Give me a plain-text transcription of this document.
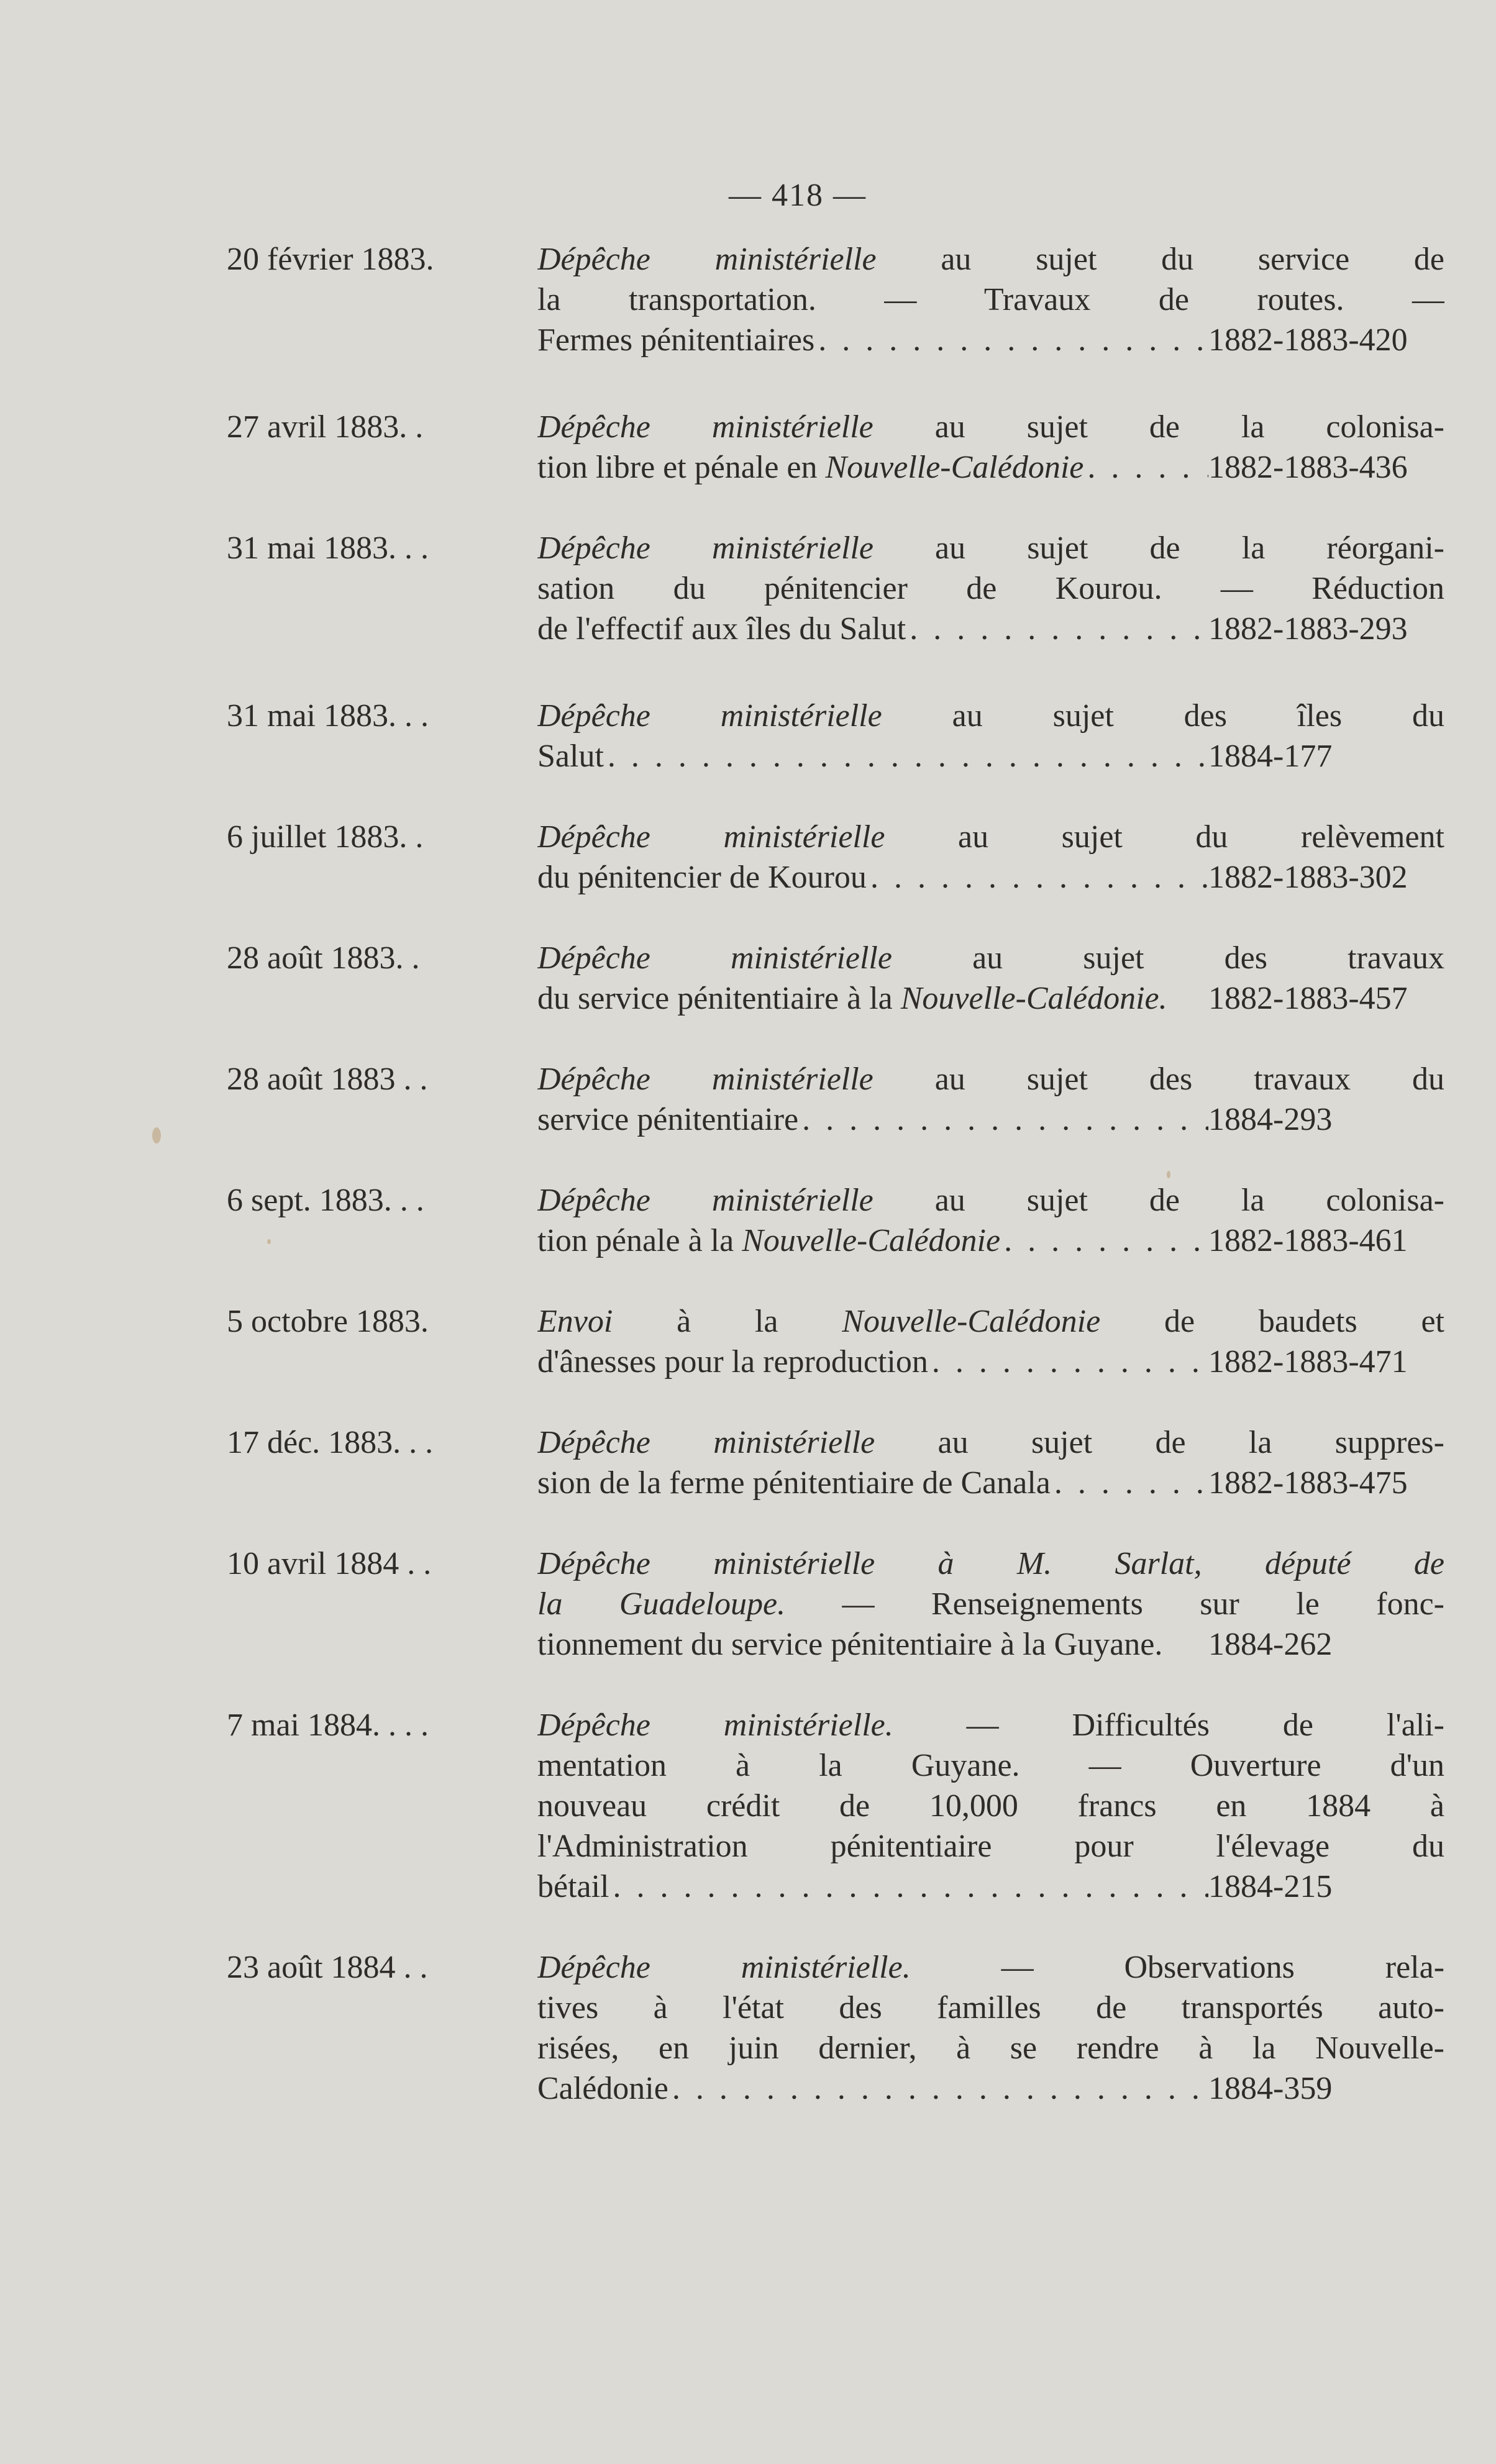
— 418 —
20 février 1883.	Dépêche ministérielle au sujet du service de
la transportation. — Travaux de routes. —
Fermes pénitentiaires . . .	1882-1883-420
27 avril 1883. .	Dépêche ministérielle au sujet de la colonisa-
tion libre et pénale en Nouvelle-Calédonie . . .	1882-1883-436
31 mai 1883. . .	Dépêche ministérielle au sujet de la réorgani-
sation du pénitencier de Kourou. — Réduction
de l'effectif aux îles du Salut . . .	1882-1883-293
31 mai 1883. . .	Dépêche ministérielle au sujet des îles du
Salut . . .	1884-177
6 juillet 1883. .	Dépêche ministérielle au sujet du relèvement
du pénitencier de Kourou . . .	1882-1883-302
28 août 1883. .	Dépêche ministérielle au sujet des travaux
du service pénitentiaire à la Nouvelle-Calédonie. 1882-1883-457
28 août 1883 . .	Dépêche ministérielle au sujet des travaux du
service pénitentiaire . . .	1884-293
6 sept. 1883. . .	Dépêche ministérielle au sujet de la colonisa-
tion pénale à la Nouvelle-Calédonie . . .	1882-1883-461
5 octobre 1883.	Envoi à la Nouvelle-Calédonie de baudets et
d'ânesses pour la reproduction . . .	1882-1883-471
17 déc. 1883. . .	Dépêche ministérielle au sujet de la suppres-
sion de la ferme pénitentiaire de Canala . . .	1882-1883-475
10 avril 1884 . .	Dépêche ministérielle à M. Sarlat, député de
la Guadeloupe. — Renseignements sur le fonc-
tionnement du service pénitentiaire à la Guyane. 1884-262
7 mai 1884. . . .	Dépêche ministérielle. — Difficultés de l'ali-
mentation à la Guyane. — Ouverture d'un
nouveau crédit de 10,000 francs en 1884 à
l'Administration pénitentiaire pour l'élevage du
bétail . . .	1884-215
23 août 1884 . .	Dépêche ministérielle. — Observations rela-
tives à l'état des familles de transportés auto-
risées, en juin dernier, à se rendre à la Nouvelle-
Calédonie . . .	1884-359
